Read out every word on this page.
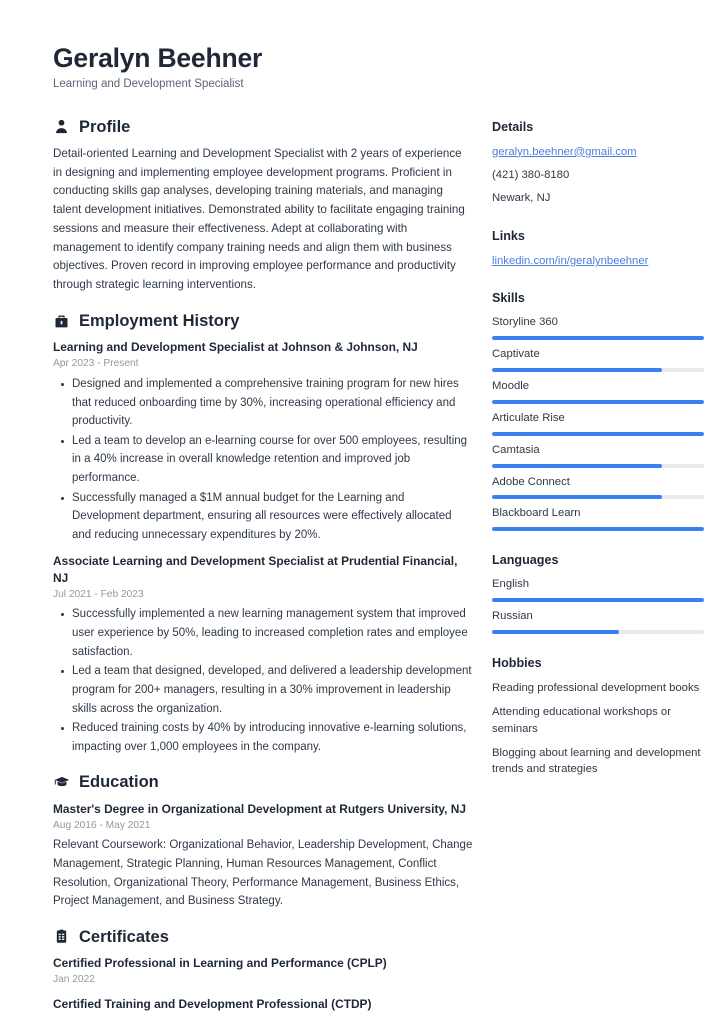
Geralyn Beehner
Learning and Development Specialist
Profile

Detail-oriented Learning and Development Specialist with 2 years of experience in designing and implementing employee development programs. Proficient in conducting skills gap analyses, developing training materials, and managing talent development initiatives. Demonstrated ability to facilitate engaging training sessions and measure their effectiveness. Adept at collaborating with management to identify company training needs and align them with business objectives. Proven record in improving employee performance and productivity through strategic learning interventions.

Employment History
Learning and Development Specialist at Johnson & Johnson, NJ
Apr 2023 - Present
Designed and implemented a comprehensive training program for new hires that reduced onboarding time by 30%, increasing operational efficiency and productivity.
Led a team to develop an e-learning course for over 500 employees, resulting in a 40% increase in overall knowledge retention and improved job performance.
Successfully managed a $1M annual budget for the Learning and Development department, ensuring all resources were effectively allocated and reducing unnecessary expenditures by 20%.
Associate Learning and Development Specialist at Prudential Financial, NJ
Jul 2021 - Feb 2023
Successfully implemented a new learning management system that improved user experience by 50%, leading to increased completion rates and employee satisfaction.
Led a team that designed, developed, and delivered a leadership development program for 200+ managers, resulting in a 30% improvement in leadership skills across the organization.
Reduced training costs by 40% by introducing innovative e-learning solutions, impacting over 1,000 employees in the company.
Education
Master's Degree in Organizational Development at Rutgers University, NJ
Aug 2016 - May 2021

Relevant Coursework: Organizational Behavior, Leadership Development, Change Management, Strategic Planning, Human Resources Management, Conflict Resolution, Organizational Theory, Performance Management, Business Ethics, Project Management, and Business Strategy.

Certificates
Certified Professional in Learning and Performance (CPLP)
Jan 2022
Certified Training and Development Professional (CTDP)
Details
geralyn.beehner@gmail.com
(421) 380-8180
Newark, NJ
Links
linkedin.com/in/geralynbeehner
Skills
Storyline 360
Captivate
Moodle
Articulate Rise
Camtasia
Adobe Connect
Blackboard Learn
Languages
English
Russian
Hobbies
Reading professional development books
Attending educational workshops or seminars
Blogging about learning and development trends and strategies
